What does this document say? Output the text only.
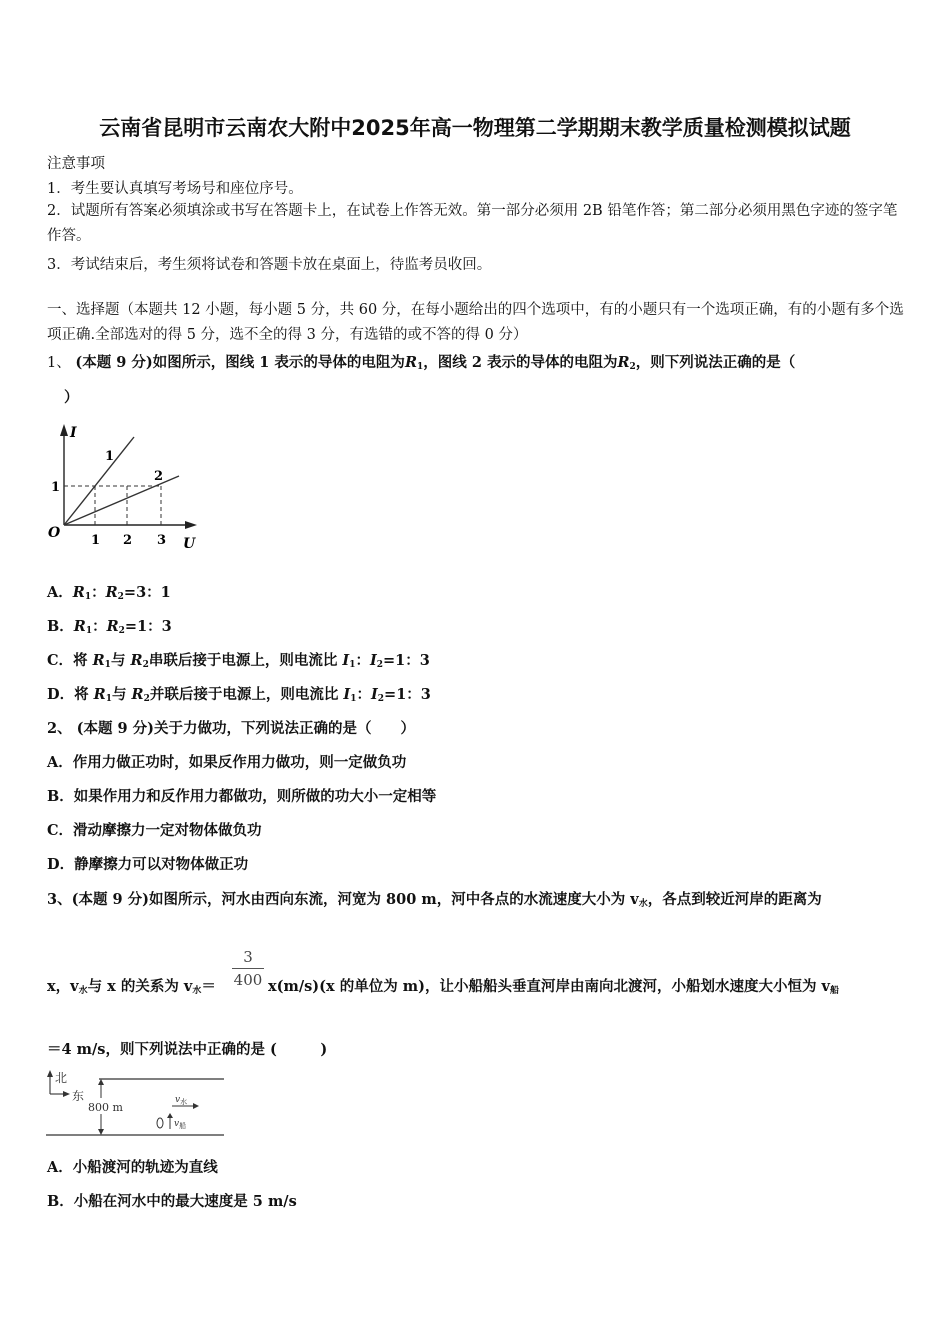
云南省昆明市云南农大附中2025年高一物理第二学期期末教学质量检测模拟试题
注意事项
1．考生要认真填写考场号和座位序号。
2．试题所有答案必须填涂或书写在答题卡上，在试卷上作答无效。第一部分必须用 2B 铅笔作答；第二部分必须用黑色字迹的签字笔作答。
3．考试结束后，考生须将试卷和答题卡放在桌面上，待监考员收回。
一、选择题（本题共 12 小题，每小题 5 分，共 60 分，在每小题给出的四个选项中，有的小题只有一个选项正确，有的小题有多个选项正确.全部选对的得 5 分，选不全的得 3 分，有选错的或不答的得 0 分）
1、 (本题 9 分)如图所示，图线 1 表示的导体的电阻为$R_1$，图线 2 表示的导体的电阻为$R_2$，则下列说法正确的是（
）
I
U
O
1
2
1
1 2 3
A．$R_1$：$R_2=3$：1
B．$R_1$：$R_2=1$：3
C．将 $R_1$与 $R_2$串联后接于电源上，则电流比 $I_1$：$I_2=1$：3
D．将 $R_1$与 $R_2$并联后接于电源上，则电流比 $I_1$：$I_2=1$：3
2、 (本题 9 分)关于力做功，下列说法正确的是（　　）
A．作用力做正功时，如果反作用力做功，则一定做负功
B．如果作用力和反作用力都做功，则所做的功大小一定相等
C．滑动摩擦力一定对物体做负功
D．静摩擦力可以对物体做正功
3、(本题 9 分)如图所示，河水由西向东流，河宽为 800 m，河中各点的水流速度大小为 $v_水$，各点到较近河岸的距离为
$\frac{3}{400}$
x，$v_水$与 x 的关系为 $v_水=$	x(m/s)(x 的单位为 m)，让小船船头垂直河岸由南向北渡河，小船划水速度大小恒为 $v_船$
＝4 m/s，则下列说法中正确的是 (　　　)
北
东
800 m
$v_水$
$v_船$
A．小船渡河的轨迹为直线
B．小船在河水中的最大速度是 5 m/s
